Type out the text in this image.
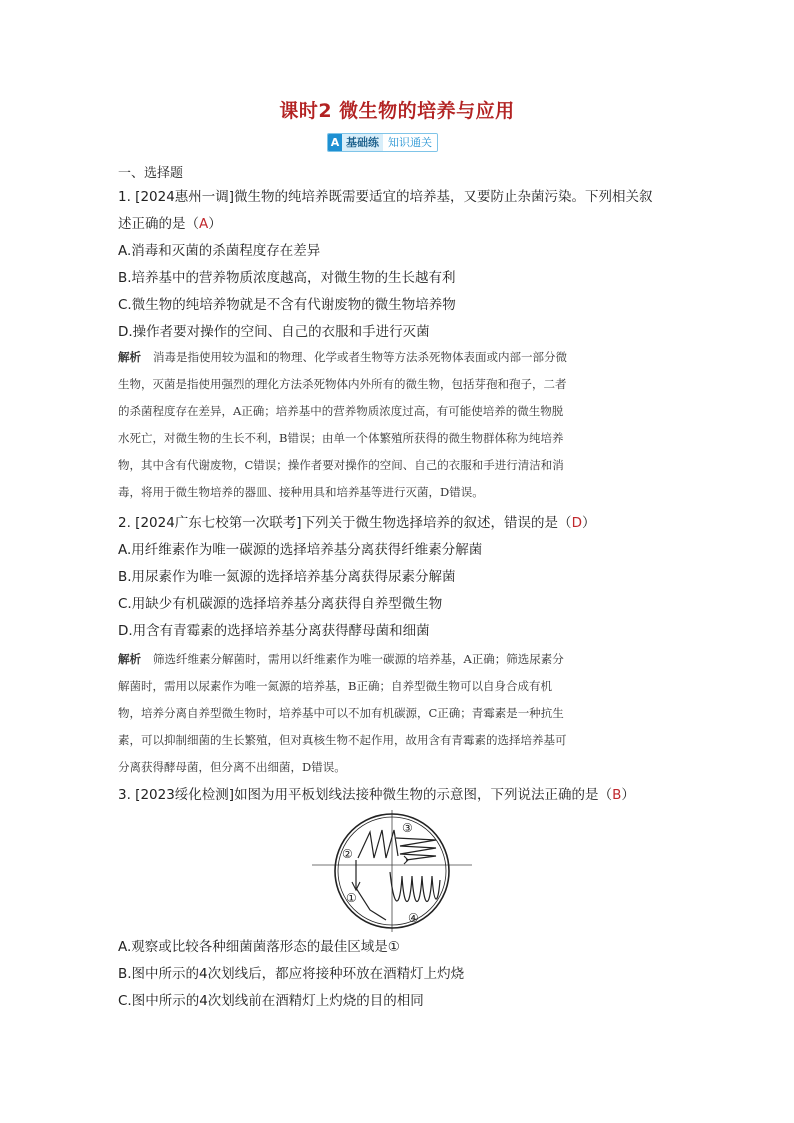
课时2 微生物的培养与应用
A 基础练 知识通关
一、选择题
1. [2024惠州一调]微生物的纯培养既需要适宜的培养基，又要防止杂菌污染。下列相关叙
述正确的是（A）
A.消毒和灭菌的杀菌程度存在差异
B.培养基中的营养物质浓度越高，对微生物的生长越有利
C.微生物的纯培养物就是不含有代谢废物的微生物培养物
D.操作者要对操作的空间、自己的衣服和手进行灭菌
解析 消毒是指使用较为温和的物理、化学或者生物等方法杀死物体表面或内部一部分微
生物，灭菌是指使用强烈的理化方法杀死物体内外所有的微生物，包括芽孢和孢子，二者
的杀菌程度存在差异，A正确；培养基中的营养物质浓度过高，有可能使培养的微生物脱
水死亡，对微生物的生长不利，B错误；由单一个体繁殖所获得的微生物群体称为纯培养
物，其中含有代谢废物，C错误；操作者要对操作的空间、自己的衣服和手进行清洁和消
毒，将用于微生物培养的器皿、接种用具和培养基等进行灭菌，D错误。
2. [2024广东七校第一次联考]下列关于微生物选择培养的叙述，错误的是（D）
A.用纤维素作为唯一碳源的选择培养基分离获得纤维素分解菌
B.用尿素作为唯一氮源的选择培养基分离获得尿素分解菌
C.用缺少有机碳源的选择培养基分离获得自养型微生物
D.用含有青霉素的选择培养基分离获得酵母菌和细菌
解析 筛选纤维素分解菌时，需用以纤维素作为唯一碳源的培养基，A正确；筛选尿素分
解菌时，需用以尿素作为唯一氮源的培养基，B正确；自养型微生物可以自身合成有机
物，培养分离自养型微生物时，培养基中可以不加有机碳源，C正确；青霉素是一种抗生
素，可以抑制细菌的生长繁殖，但对真核生物不起作用，故用含有青霉素的选择培养基可
分离获得酵母菌，但分离不出细菌，D错误。
3. [2023绥化检测]如图为用平板划线法接种微生物的示意图，下列说法正确的是（B）
①
②
③
④
A.观察或比较各种细菌菌落形态的最佳区域是①
B.图中所示的4次划线后，都应将接种环放在酒精灯上灼烧
C.图中所示的4次划线前在酒精灯上灼烧的目的相同
